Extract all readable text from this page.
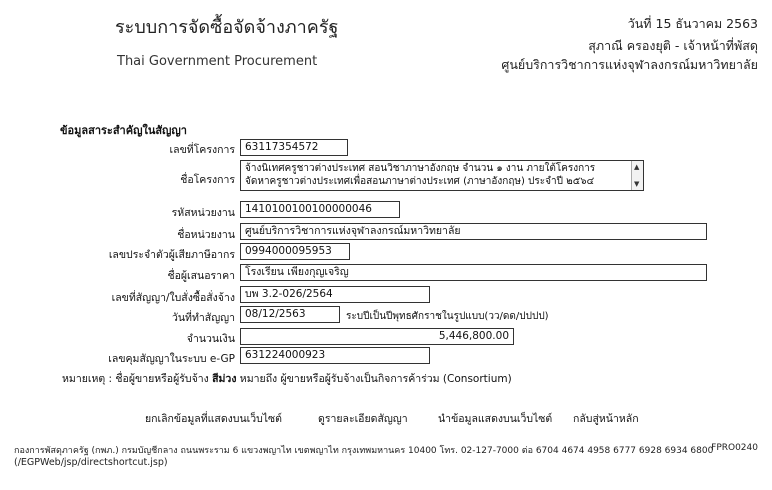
ระบบการจัดซื้อจัดจ้างภาครัฐ
Thai Government Procurement
วันที่ 15 ธันวาคม 2563
สุภาณี ครองยุติ - เจ้าหน้าที่พัสดุ
ศูนย์บริการวิชาการแห่งจุฬาลงกรณ์มหาวิทยาลัย
ข้อมูลสาระสำคัญในสัญญา
เลขที่โครงการ 63117354572
ชื่อโครงการ
จ้างนิเทศครูชาวต่างประเทศ สอนวิชาภาษาอังกฤษ จำนวน ๑ งาน ภายใต้โครงการ
จัดหาครูชาวต่างประเทศเพื่อสอนภาษาต่างประเทศ (ภาษาอังกฤษ) ประจำปี ๒๕๖๔
▲
▼
รหัสหน่วยงาน 1410100100100000046
ชื่อหน่วยงาน ศูนย์บริการวิชาการแห่งจุฬาลงกรณ์มหาวิทยาลัย
เลขประจำตัวผู้เสียภาษีอากร 0994000095953
ชื่อผู้เสนอราคา โรงเรียน เพียงกุญเจริญ
เลขที่สัญญา/ใบสั่งซื้อสั่งจ้าง บพ 3.2-026/2564
วันที่ทำสัญญา 08/12/2563	ระบปีเป็นปีพุทธศักราชในรูปแบบ(วว/ดด/ปปปป)
จำนวนเงิน	5,446,800.00
เลขคุมสัญญาในระบบ e-GP 631224000923
หมายเหตุ : ชื่อผู้ขายหรือผู้รับจ้าง สีม่วง หมายถึง ผู้ขายหรือผู้รับจ้างเป็นกิจการค้าร่วม (Consortium)
ยกเลิกข้อมูลที่แสดงบนเว็บไซต์	ดูรายละเอียดสัญญา	นำข้อมูลแสดงบนเว็บไซต์ กลับสู่หน้าหลัก
กองการพัสดุภาครัฐ (กพภ.) กรมบัญชีกลาง ถนนพระราม 6 แขวงพญาไท เขตพญาไท กรุงเทพมหานคร 10400 โทร. 02-127-7000 ต่อ 6704 4674 4958 6777 6928 6934 6800
FPRO0240
(/EGPWeb/jsp/directshortcut.jsp)
